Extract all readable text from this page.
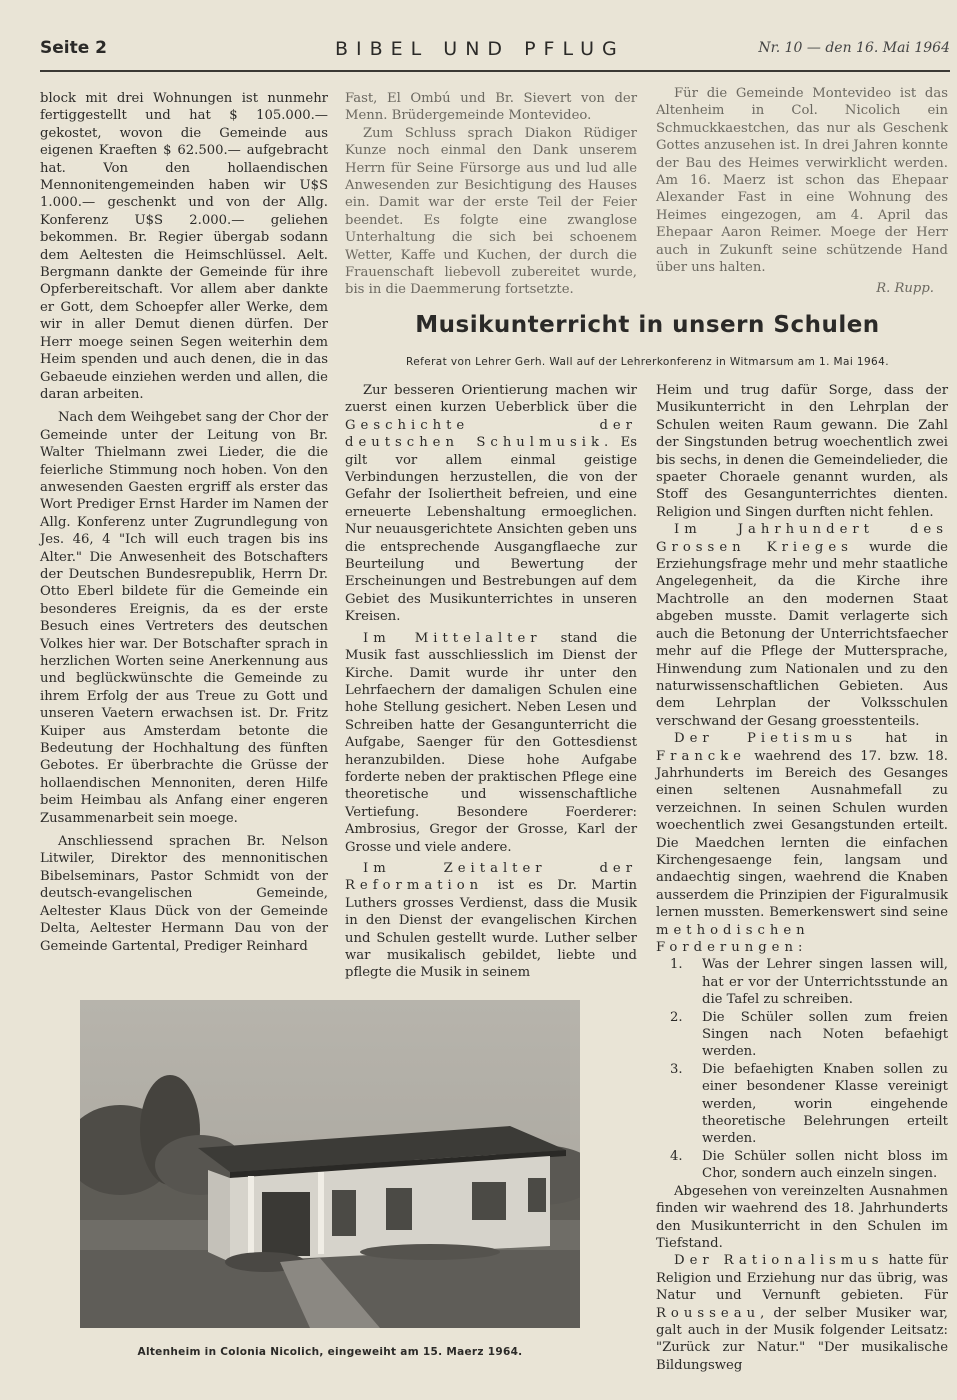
Seite 2	BIBEL UND PFLUG	Nr. 10 — den 16. Mai 1964

block mit drei Wohnungen ist nunmehr fertiggestellt und hat $ 105.000.— gekostet, wovon die Gemeinde aus eigenen Kraeften $ 62.500.— aufgebracht hat. Von den hollaendischen Mennonitengemeinden haben wir U$S 1.000.— geschenkt und von der Allg. Konferenz U$S 2.000.— geliehen bekommen. Br. Regier übergab sodann dem Aeltesten die Heimschlüssel. Aelt. Bergmann dankte der Gemeinde für ihre Opferbereitschaft. Vor allem aber dankte er Gott, dem Schoepfer aller Werke, dem wir in aller Demut dienen dürfen. Der Herr moege seinen Segen weiterhin dem Heim spenden und auch denen, die in das Gebaeude einziehen werden und allen, die daran arbeiten.

Nach dem Weihgebet sang der Chor der Gemeinde unter der Leitung von Br. Walter Thielmann zwei Lieder, die die feierliche Stimmung noch hoben. Von den anwesenden Gaesten ergriff als erster das Wort Prediger Ernst Harder im Namen der Allg. Konferenz unter Zugrundlegung von Jes. 46, 4 "Ich will euch tragen bis ins Alter." Die Anwesenheit des Botschafters der Deutschen Bundesrepublik, Herrn Dr. Otto Eberl bildete für die Gemeinde ein besonderes Ereignis, da es der erste Besuch eines Vertreters des deutschen Volkes hier war. Der Botschafter sprach in herzlichen Worten seine Anerkennung aus und beglückwünschte die Gemeinde zu ihrem Erfolg der aus Treue zu Gott und unseren Vaetern erwachsen ist. Dr. Fritz Kuiper aus Amsterdam betonte die Bedeutung der Hochhaltung des fünften Gebotes. Er überbrachte die Grüsse der hollaendischen Mennoniten, deren Hilfe beim Heimbau als Anfang einer engeren Zusammenarbeit sein moege.

Anschliessend sprachen Br. Nelson Litwiler, Direktor des mennonitischen Bibelseminars, Pastor Schmidt von der deutsch-evangelischen Gemeinde, Aeltester Klaus Dück von der Gemeinde Delta, Aeltester Hermann Dau von der Gemeinde Gartental, Prediger Reinhard

Fast, El Ombú und Br. Sievert von der Menn. Brüdergemeinde Montevideo.

Zum Schluss sprach Diakon Rüdiger Kunze noch einmal den Dank unserem Herrn für Seine Fürsorge aus und lud alle Anwesenden zur Besichtigung des Hauses ein. Damit war der erste Teil der Feier beendet. Es folgte eine zwanglose Unterhaltung die sich bei schoenem Wetter, Kaffe und Kuchen, der durch die Frauenschaft liebevoll zubereitet wurde, bis in die Daemmerung fortsetzte.

Für die Gemeinde Montevideo ist das Altenheim in Col. Nicolich ein Schmuckkaestchen, das nur als Geschenk Gottes anzusehen ist. In drei Jahren konnte der Bau des Heimes verwirklicht werden. Am 16. Maerz ist schon das Ehepaar Alexander Fast in eine Wohnung des Heimes eingezogen, am 4. April das Ehepaar Aaron Reimer. Moege der Herr auch in Zukunft seine schützende Hand über uns halten.

R. Rupp.
Musikunterricht in unsern Schulen
Referat von Lehrer Gerh. Wall auf der Lehrerkonferenz in Witmarsum am 1. Mai 1964.

Zur besseren Orientierung machen wir zuerst einen kurzen Ueberblick über die Geschichte der deutschen Schulmusik. Es gilt vor allem einmal geistige Verbindungen herzustellen, die von der Gefahr der Isoliertheit befreien, und eine erneuerte Lebenshaltung ermoeglichen. Nur neuausgerichtete Ansichten geben uns die entsprechende Ausgangflaeche zur Beurteilung und Bewertung der Erscheinungen und Bestrebungen auf dem Gebiet des Musikunterrichtes in unseren Kreisen.

Im Mittelalter stand die Musik fast ausschliesslich im Dienst der Kirche. Damit wurde ihr unter den Lehrfaechern der damaligen Schulen eine hohe Stellung gesichert. Neben Lesen und Schreiben hatte der Gesangunterricht die Aufgabe, Saenger für den Gottesdienst heranzubilden. Diese hohe Aufgabe forderte neben der praktischen Pflege eine theoretische und wissenschaftliche Vertiefung. Besondere Foerderer: Ambrosius, Gregor der Grosse, Karl der Grosse und viele andere.

Im Zeitalter der Reformation ist es Dr. Martin Luthers grosses Verdienst, dass die Musik in den Dienst der evangelischen Kirchen und Schulen gestellt wurde. Luther selber war musikalisch gebildet, liebte und pflegte die Musik in seinem

Heim und trug dafür Sorge, dass der Musikunterricht in den Lehrplan der Schulen weiten Raum gewann. Die Zahl der Singstunden betrug woechentlich zwei bis sechs, in denen die Gemeindelieder, die spaeter Choraele genannt wurden, als Stoff des Gesangunterrichtes dienten. Religion und Singen durften nicht fehlen.

Im Jahrhundert des Grossen Krieges wurde die Erziehungsfrage mehr und mehr staatliche Angelegenheit, da die Kirche ihre Machtrolle an den modernen Staat abgeben musste. Damit verlagerte sich auch die Betonung der Unterrichtsfaecher mehr auf die Pflege der Muttersprache, Hinwendung zum Nationalen und zu den naturwissenschaftlichen Gebieten. Aus dem Lehrplan der Volksschulen verschwand der Gesang groesstenteils.

Der Pietismus hat in Francke waehrend des 17. bzw. 18. Jahrhunderts im Bereich des Gesanges einen seltenen Ausnahmefall zu verzeichnen. In seinen Schulen wurden woechentlich zwei Gesangstunden erteilt. Die Maedchen lernten die einfachen Kirchengesaenge fein, langsam und andaechtig singen, waehrend die Knaben ausserdem die Prinzipien der Figuralmusik lernen mussten. Bemerkenswert sind seine methodischen Forderungen:

1. Was der Lehrer singen lassen will, hat er vor der Unterrichtsstunde an die Tafel zu schreiben.
2. Die Schüler sollen zum freien Singen nach Noten befaehigt werden.
3. Die befaehigten Knaben sollen zu einer besondener Klasse vereinigt werden, worin eingehende theoretische Belehrungen erteilt werden.
4. Die Schüler sollen nicht bloss im Chor, sondern auch einzeln singen.

Abgesehen von vereinzelten Ausnahmen finden wir waehrend des 18. Jahrhunderts den Musikunterricht in den Schulen im Tiefstand.

Der Rationalismus hatte für Religion und Erziehung nur das übrig, was Natur und Vernunft gebieten. Für Rousseau, der selber Musiker war, galt auch in der Musik folgender Leitsatz: "Zurück zur Natur." "Der musikalische Bildungsweg

Altenheim in Colonia Nicolich, eingeweiht am 15. Maerz 1964.
